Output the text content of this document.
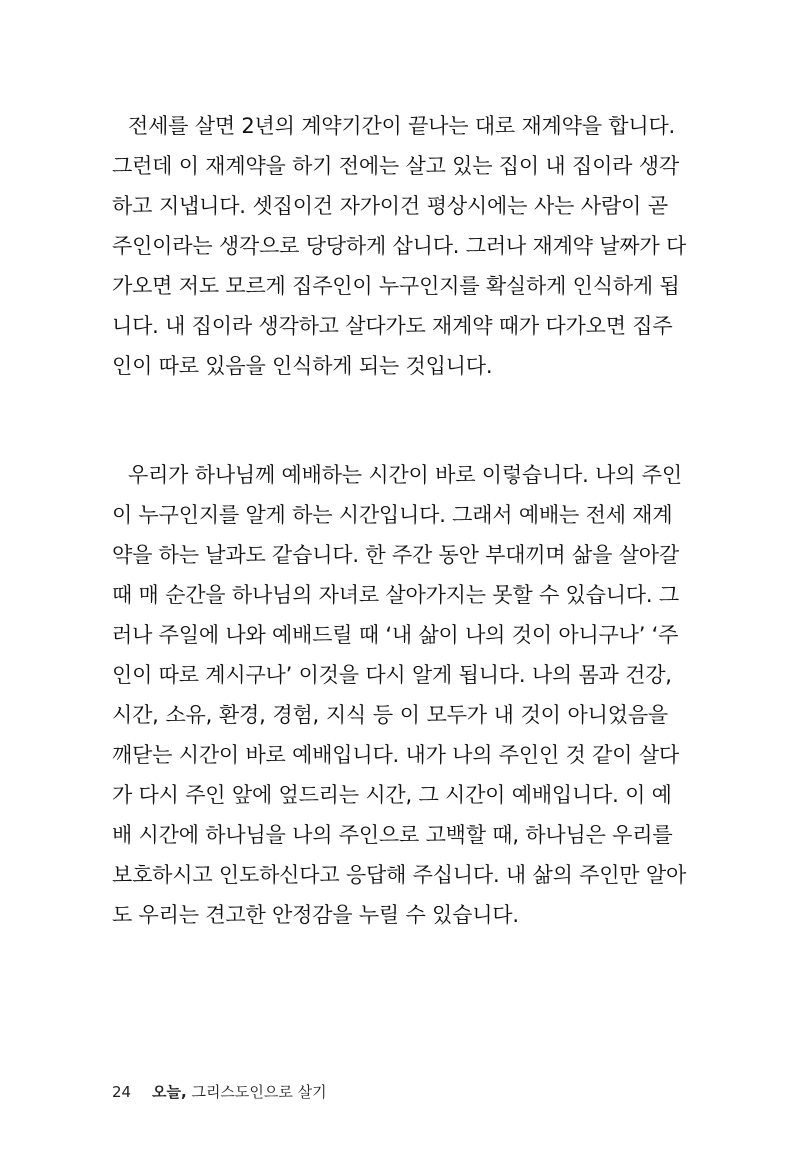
전세를 살면 2년의 계약기간이 끝나는 대로 재계약을 합니다.
그런데 이 재계약을 하기 전에는 살고 있는 집이 내 집이라 생각
하고 지냅니다. 셋집이건 자가이건 평상시에는 사는 사람이 곧
주인이라는 생각으로 당당하게 삽니다. 그러나 재계약 날짜가 다
가오면 저도 모르게 집주인이 누구인지를 확실하게 인식하게 됩
니다. 내 집이라 생각하고 살다가도 재계약 때가 다가오면 집주
인이 따로 있음을 인식하게 되는 것입니다.
우리가 하나님께 예배하는 시간이 바로 이렇습니다. 나의 주인
이 누구인지를 알게 하는 시간입니다. 그래서 예배는 전세 재계
약을 하는 날과도 같습니다. 한 주간 동안 부대끼며 삶을 살아갈
때 매 순간을 하나님의 자녀로 살아가지는 못할 수 있습니다. 그
러나 주일에 나와 예배드릴 때 ‘내 삶이 나의 것이 아니구나’ ‘주
인이 따로 계시구나’ 이것을 다시 알게 됩니다. 나의 몸과 건강,
시간, 소유, 환경, 경험, 지식 등 이 모두가 내 것이 아니었음을
깨닫는 시간이 바로 예배입니다. 내가 나의 주인인 것 같이 살다
가 다시 주인 앞에 엎드리는 시간, 그 시간이 예배입니다. 이 예
배 시간에 하나님을 나의 주인으로 고백할 때, 하나님은 우리를
보호하시고 인도하신다고 응답해 주십니다. 내 삶의 주인만 알아
도 우리는 견고한 안정감을 누릴 수 있습니다.
24 오늘, 그리스도인으로 살기
